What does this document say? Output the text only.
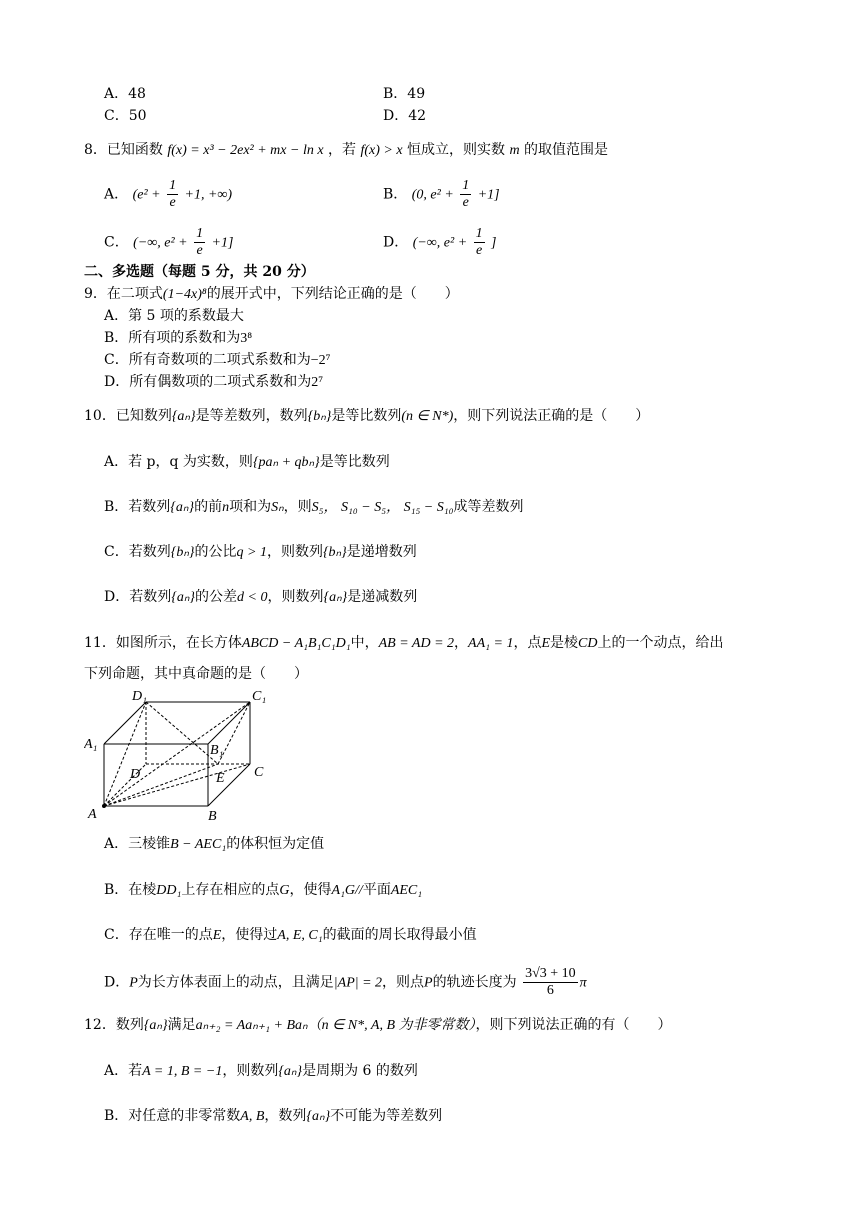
A．48	B．49
C．50	D．42
8．已知函数 f(x) = x³ − 2ex² + mx − ln x ，若 f(x) > x 恒成立，则实数 m 的取值范围是
A． ($e^2 + \frac{1}{e} +1$, +∞)	B． (0, $e^2 + \frac{1}{e} +1$]
C． (−∞, $e^2 + \frac{1}{e} +1$]	D． (−∞, $e^2 + \frac{1}{e}$ ]
二、多选题（每题 5 分，共 20 分）
9．在二项式(1−4x)⁸的展开式中，下列结论正确的是（　　）
A．第 5 项的系数最大
B．所有项的系数和为3⁸
C．所有奇数项的二项式系数和为−2⁷
D．所有偶数项的二项式系数和为2⁷
10．已知数列{aₙ}是等差数列，数列{bₙ}是等比数列(n ∈ N*)，则下列说法正确的是（　　）
A．若 p，q 为实数，则{paₙ + qbₙ}是等比数列
B．若数列{aₙ}的前n项和为Sₙ，则S₅， S₁₀ − S₅， S₁₅ − S₁₀成等差数列
C．若数列{bₙ}的公比q > 1，则数列{bₙ}是递增数列
D．若数列{aₙ}的公差d < 0，则数列{aₙ}是递减数列
11．如图所示，在长方体ABCD − A₁B₁C₁D₁中，AB = AD = 2，AA₁ = 1，点E是棱CD上的一个动点，给出
下列命题，其中真命题的是（　　）
D₁	C₁
A₁	B₁
D	C
E
A	B
A．三棱锥B − AEC₁的体积恒为定值
B．在棱DD₁上存在相应的点G，使得A₁G//平面AEC₁
C．存在唯一的点E，使得过A, E, C₁的截面的周长取得最小值
D．P为长方体表面上的动点，且满足|AP| = 2，则点P的轨迹长度为 $\frac{3√3 + 10}{6}$ π
12．数列{aₙ}满足aₙ₊₂ = Aaₙ₊₁ + Baₙ（n ∈ N*, A, B 为非零常数），则下列说法正确的有（　　）
A．若A = 1, B = −1，则数列{aₙ}是周期为 6 的数列
B．对任意的非零常数A, B，数列{aₙ}不可能为等差数列
